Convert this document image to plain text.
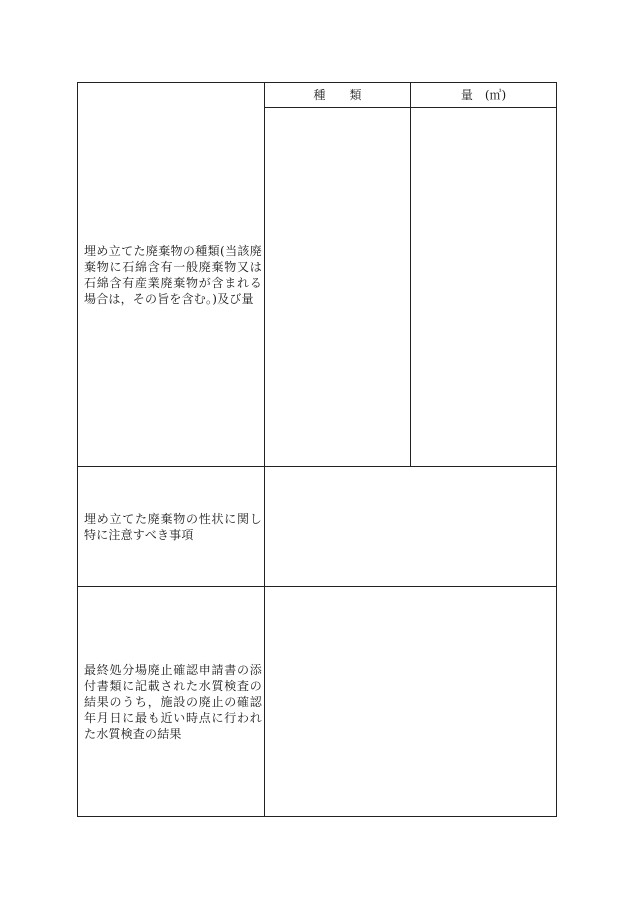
種　　類	量　(㎥)
埋め立てた廃棄物の種類(当該廃棄物に石綿含有一般廃棄物又は石綿含有産業廃棄物が含まれる場合は，その旨を含む。)及び量
埋め立てた廃棄物の性状に関し特に注意すべき事項
最終処分場廃止確認申請書の添付書類に記載された水質検査の結果のうち，施設の廃止の確認年月日に最も近い時点に行われた水質検査の結果
